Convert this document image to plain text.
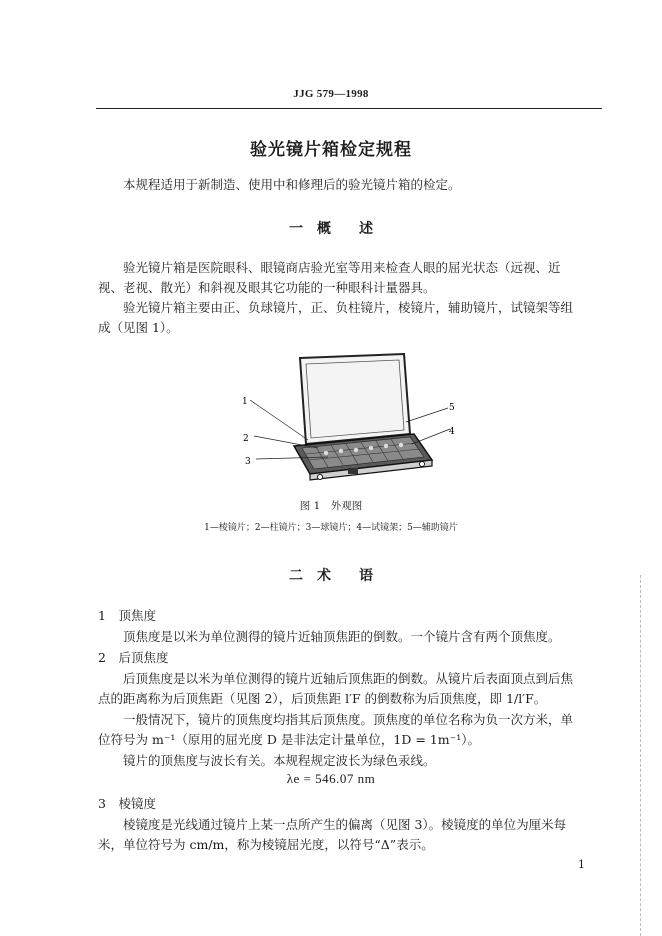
JJG 579—1998
验光镜片箱检定规程

本规程适用于新制造、使用中和修理后的验光镜片箱的检定。

一　概　　述

验光镜片箱是医院眼科、眼镜商店验光室等用来检查人眼的屈光状态（远视、近

视、老视、散光）和斜视及眼其它功能的一种眼科计量器具。

验光镜片箱主要由正、负球镜片，正、负柱镜片，棱镜片，辅助镜片，试镜架等组

成（见图 1）。

1
2
3
4
5
图 1　外观图
1—棱镜片；2—柱镜片；3—球镜片；4—试镜架；5—辅助镜片
二　术　　语
1　顶焦度

顶焦度是以米为单位测得的镜片近轴顶焦距的倒数。一个镜片含有两个顶焦度。

2　后顶焦度

后顶焦度是以米为单位测得的镜片近轴后顶焦距的倒数。从镜片后表面顶点到后焦

点的距离称为后顶焦距（见图 2），后顶焦距 l′F 的倒数称为后顶焦度，即 1/l′F。

一般情况下，镜片的顶焦度均指其后顶焦度。顶焦度的单位名称为负一次方米，单

位符号为 m⁻¹（原用的屈光度 D 是非法定计量单位，1D = 1m⁻¹）。

镜片的顶焦度与波长有关。本规程规定波长为绿色汞线。

λe = 546.07 nm
3　棱镜度

棱镜度是光线通过镜片上某一点所产生的偏离（见图 3）。棱镜度的单位为厘米每

米，单位符号为 cm/m，称为棱镜屈光度，以符号“Δ”表示。

1
